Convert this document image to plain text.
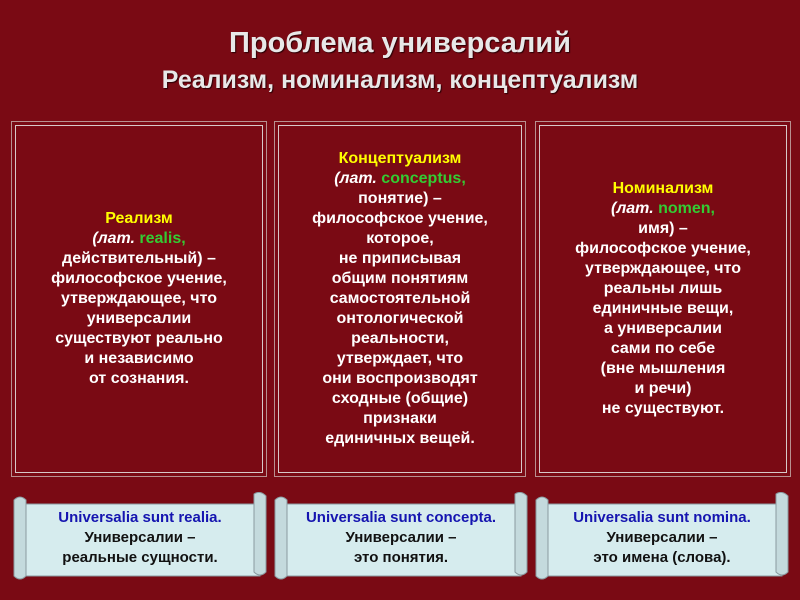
Проблема универсалий
Реализм, номинализм, концептуализм
Реализм
(лат. realis,
действительный) –
философское учение,
утверждающее, что
универсалии
существуют реально
и независимо
от сознания.
Концептуализм
(лат. conceptus,
понятие) –
философское учение,
которое,
не приписывая
общим понятиям
самостоятельной
онтологической
реальности,
утверждает, что
они воспроизводят
сходные (общие)
признаки
единичных вещей.
Номинализм
(лат. nomen,
имя) –
философское учение,
утверждающее, что
реальны лишь
единичные вещи,
а универсалии
сами по себе
(вне мышления
и речи)
не существуют.
Universalia sunt realia.
Универсалии –
реальные сущности.
Universalia sunt concepta.
Универсалии –
это понятия.
Universalia sunt nomina.
Универсалии –
это имена (слова).
